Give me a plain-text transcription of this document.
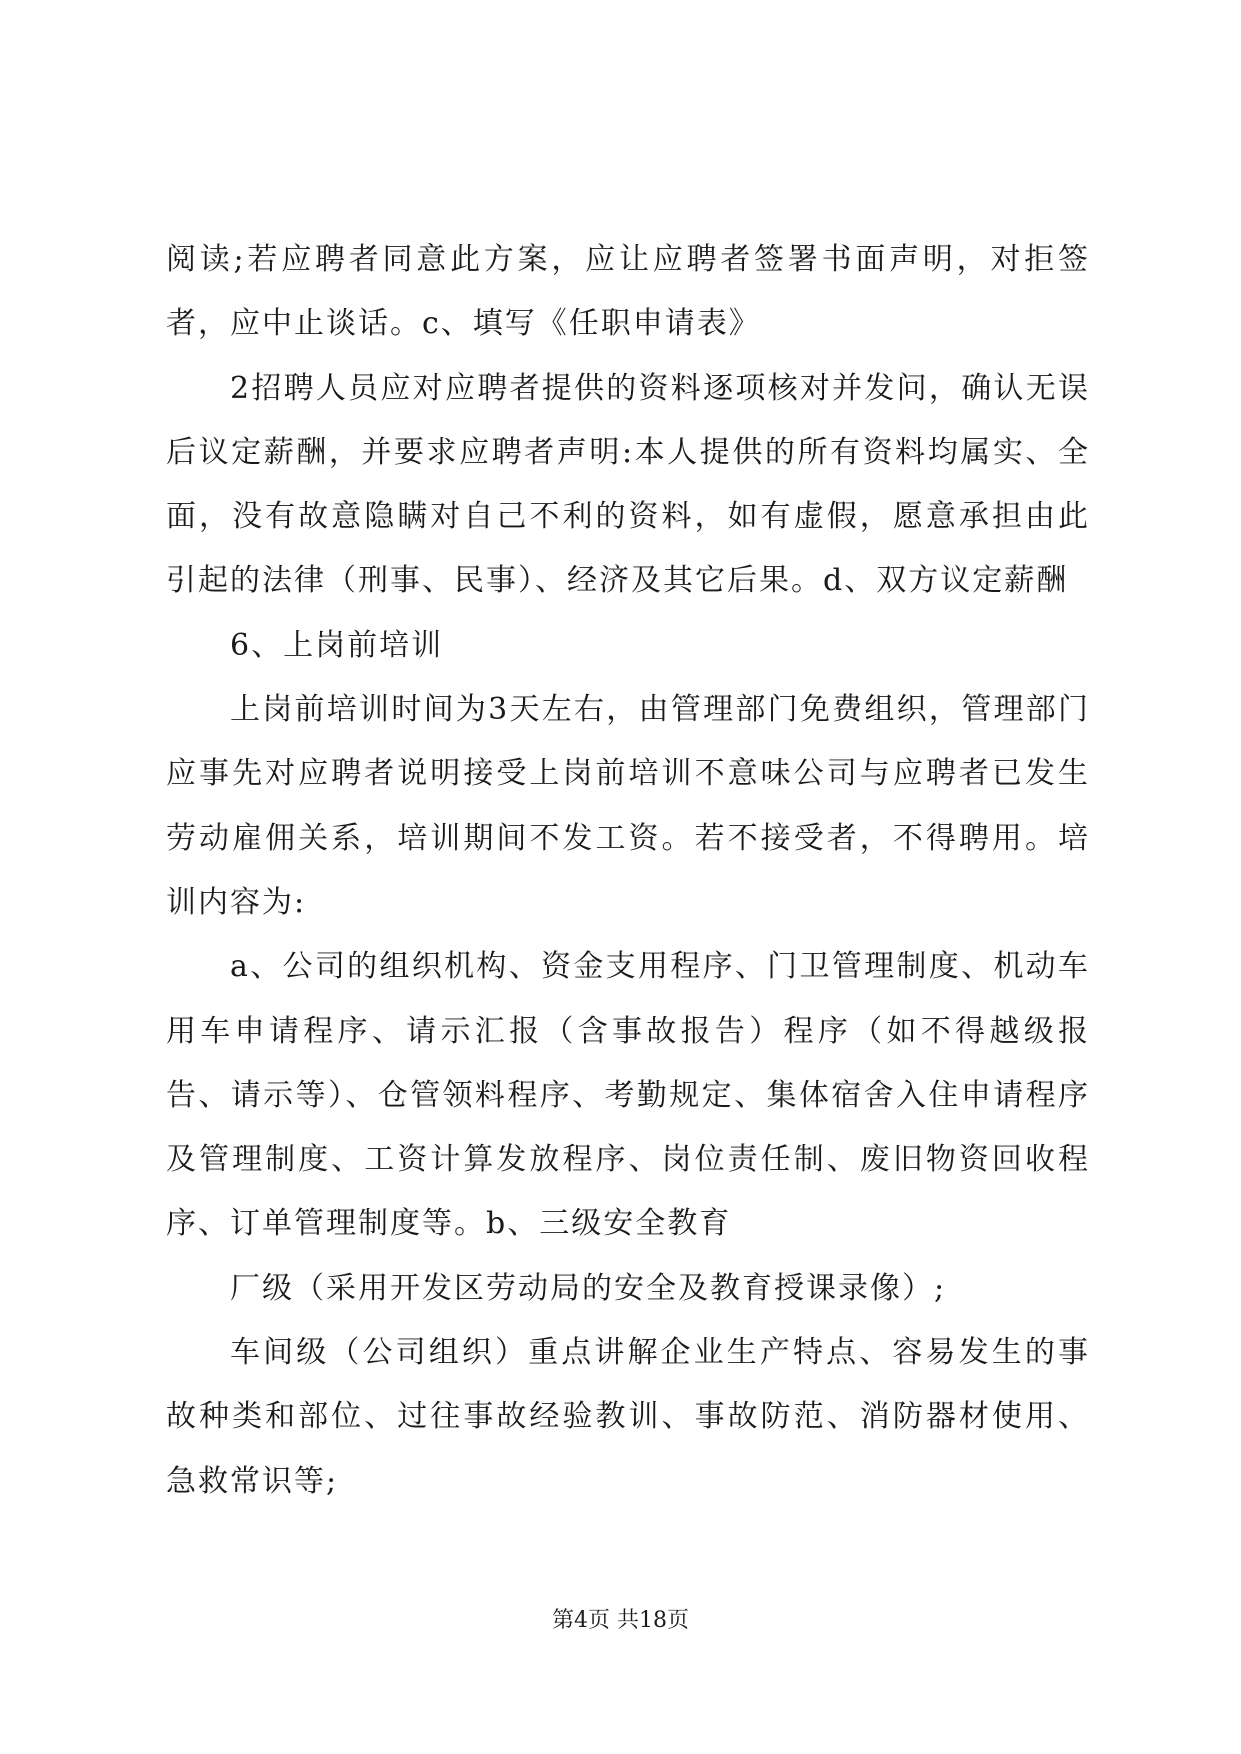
阅读;若应聘者同意此方案，应让应聘者签署书面声明，对拒签者，应中止谈话。c、填写《任职申请表》

2招聘人员应对应聘者提供的资料逐项核对并发问，确认无误后议定薪酬，并要求应聘者声明:本人提供的所有资料均属实、全面，没有故意隐瞒对自己不利的资料，如有虚假，愿意承担由此引起的法律（刑事、民事）、经济及其它后果。d、双方议定薪酬

6、上岗前培训

上岗前培训时间为3天左右，由管理部门免费组织，管理部门应事先对应聘者说明接受上岗前培训不意味公司与应聘者已发生劳动雇佣关系，培训期间不发工资。若不接受者，不得聘用。培训内容为:

a、公司的组织机构、资金支用程序、门卫管理制度、机动车用车申请程序、请示汇报（含事故报告）程序（如不得越级报告、请示等）、仓管领料程序、考勤规定、集体宿舍入住申请程序及管理制度、工资计算发放程序、岗位责任制、废旧物资回收程序、订单管理制度等。b、三级安全教育

厂级（采用开发区劳动局的安全及教育授课录像）;

车间级（公司组织）重点讲解企业生产特点、容易发生的事故种类和部位、过往事故经验教训、事故防范、消防器材使用、急救常识等;

第4页 共18页
